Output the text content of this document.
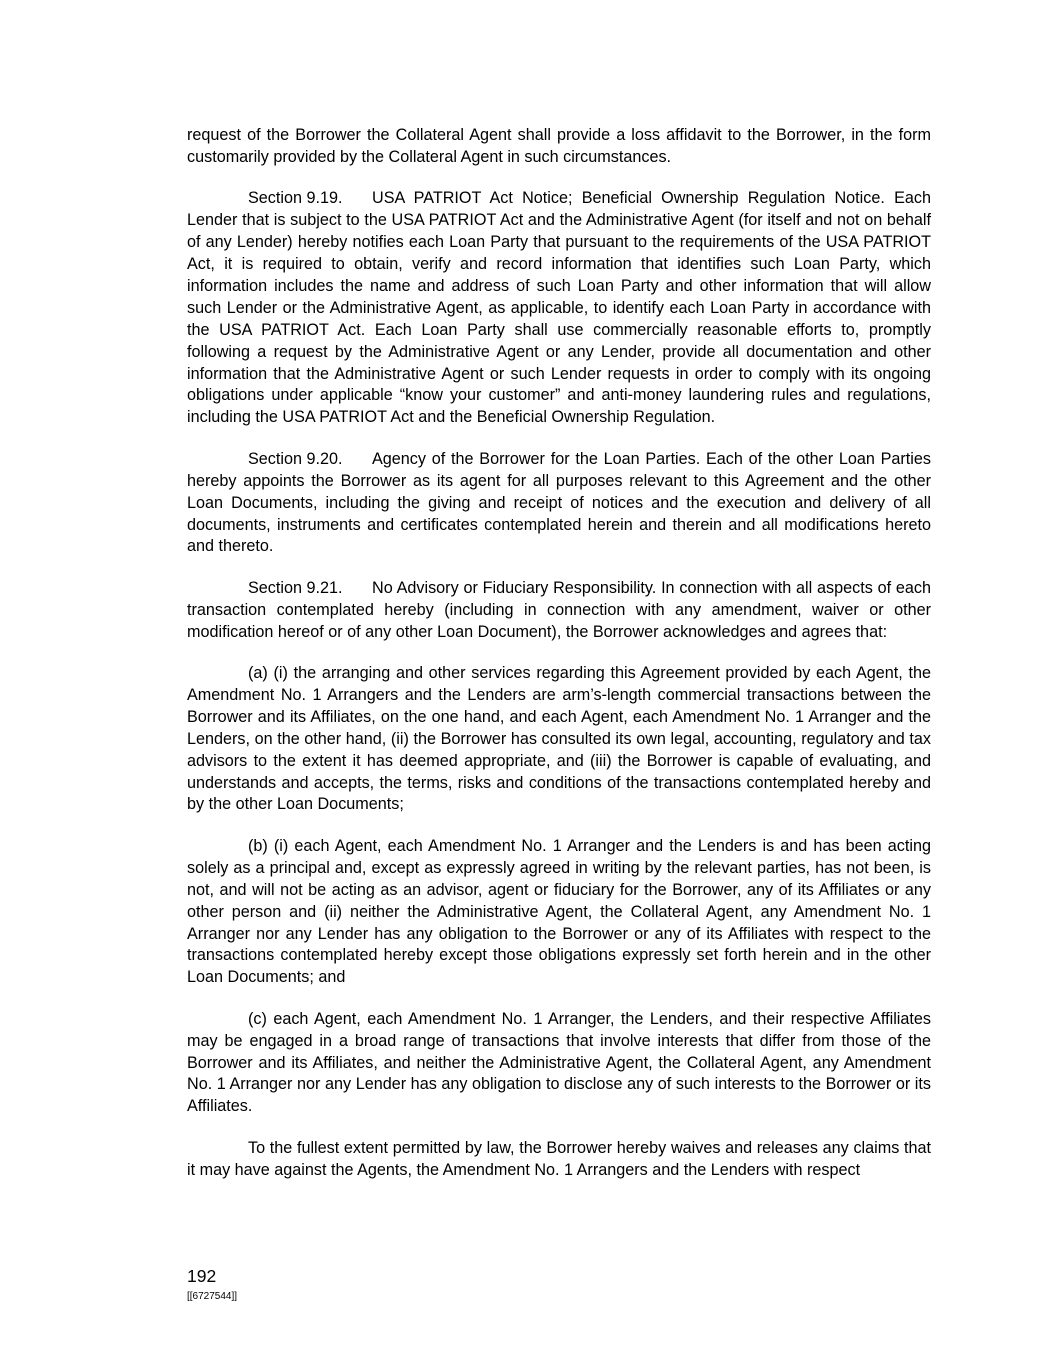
request of the Borrower the Collateral Agent shall provide a loss affidavit to the Borrower, in the form customarily provided by the Collateral Agent in such circumstances.

Section 9.19. USA PATRIOT Act Notice; Beneficial Ownership Regulation Notice. Each Lender that is subject to the USA PATRIOT Act and the Administrative Agent (for itself and not on behalf of any Lender) hereby notifies each Loan Party that pursuant to the requirements of the USA PATRIOT Act, it is required to obtain, verify and record information that identifies such Loan Party, which information includes the name and address of such Loan Party and other information that will allow such Lender or the Administrative Agent, as applicable, to identify each Loan Party in accordance with the USA PATRIOT Act. Each Loan Party shall use commercially reasonable efforts to, promptly following a request by the Administrative Agent or any Lender, provide all documentation and other information that the Administrative Agent or such Lender requests in order to comply with its ongoing obligations under applicable “know your customer” and anti-money laundering rules and regulations, including the USA PATRIOT Act and the Beneficial Ownership Regulation.

Section 9.20. Agency of the Borrower for the Loan Parties. Each of the other Loan Parties hereby appoints the Borrower as its agent for all purposes relevant to this Agreement and the other Loan Documents, including the giving and receipt of notices and the execution and delivery of all documents, instruments and certificates contemplated herein and therein and all modifications hereto and thereto.

Section 9.21. No Advisory or Fiduciary Responsibility. In connection with all aspects of each transaction contemplated hereby (including in connection with any amendment, waiver or other modification hereof or of any other Loan Document), the Borrower acknowledges and agrees that:

(a) (i) the arranging and other services regarding this Agreement provided by each Agent, the Amendment No. 1 Arrangers and the Lenders are arm’s-length commercial transactions between the Borrower and its Affiliates, on the one hand, and each Agent, each Amendment No. 1 Arranger and the Lenders, on the other hand, (ii) the Borrower has consulted its own legal, accounting, regulatory and tax advisors to the extent it has deemed appropriate, and (iii) the Borrower is capable of evaluating, and understands and accepts, the terms, risks and conditions of the transactions contemplated hereby and by the other Loan Documents;

(b) (i) each Agent, each Amendment No. 1 Arranger and the Lenders is and has been acting solely as a principal and, except as expressly agreed in writing by the relevant parties, has not been, is not, and will not be acting as an advisor, agent or fiduciary for the Borrower, any of its Affiliates or any other person and (ii) neither the Administrative Agent, the Collateral Agent, any Amendment No. 1 Arranger nor any Lender has any obligation to the Borrower or any of its Affiliates with respect to the transactions contemplated hereby except those obligations expressly set forth herein and in the other Loan Documents; and

(c) each Agent, each Amendment No. 1 Arranger, the Lenders, and their respective Affiliates may be engaged in a broad range of transactions that involve interests that differ from those of the Borrower and its Affiliates, and neither the Administrative Agent, the Collateral Agent, any Amendment No. 1 Arranger nor any Lender has any obligation to disclose any of such interests to the Borrower or its Affiliates.

To the fullest extent permitted by law, the Borrower hereby waives and releases any claims that it may have against the Agents, the Amendment No. 1 Arrangers and the Lenders with respect

192
[[6727544]]
